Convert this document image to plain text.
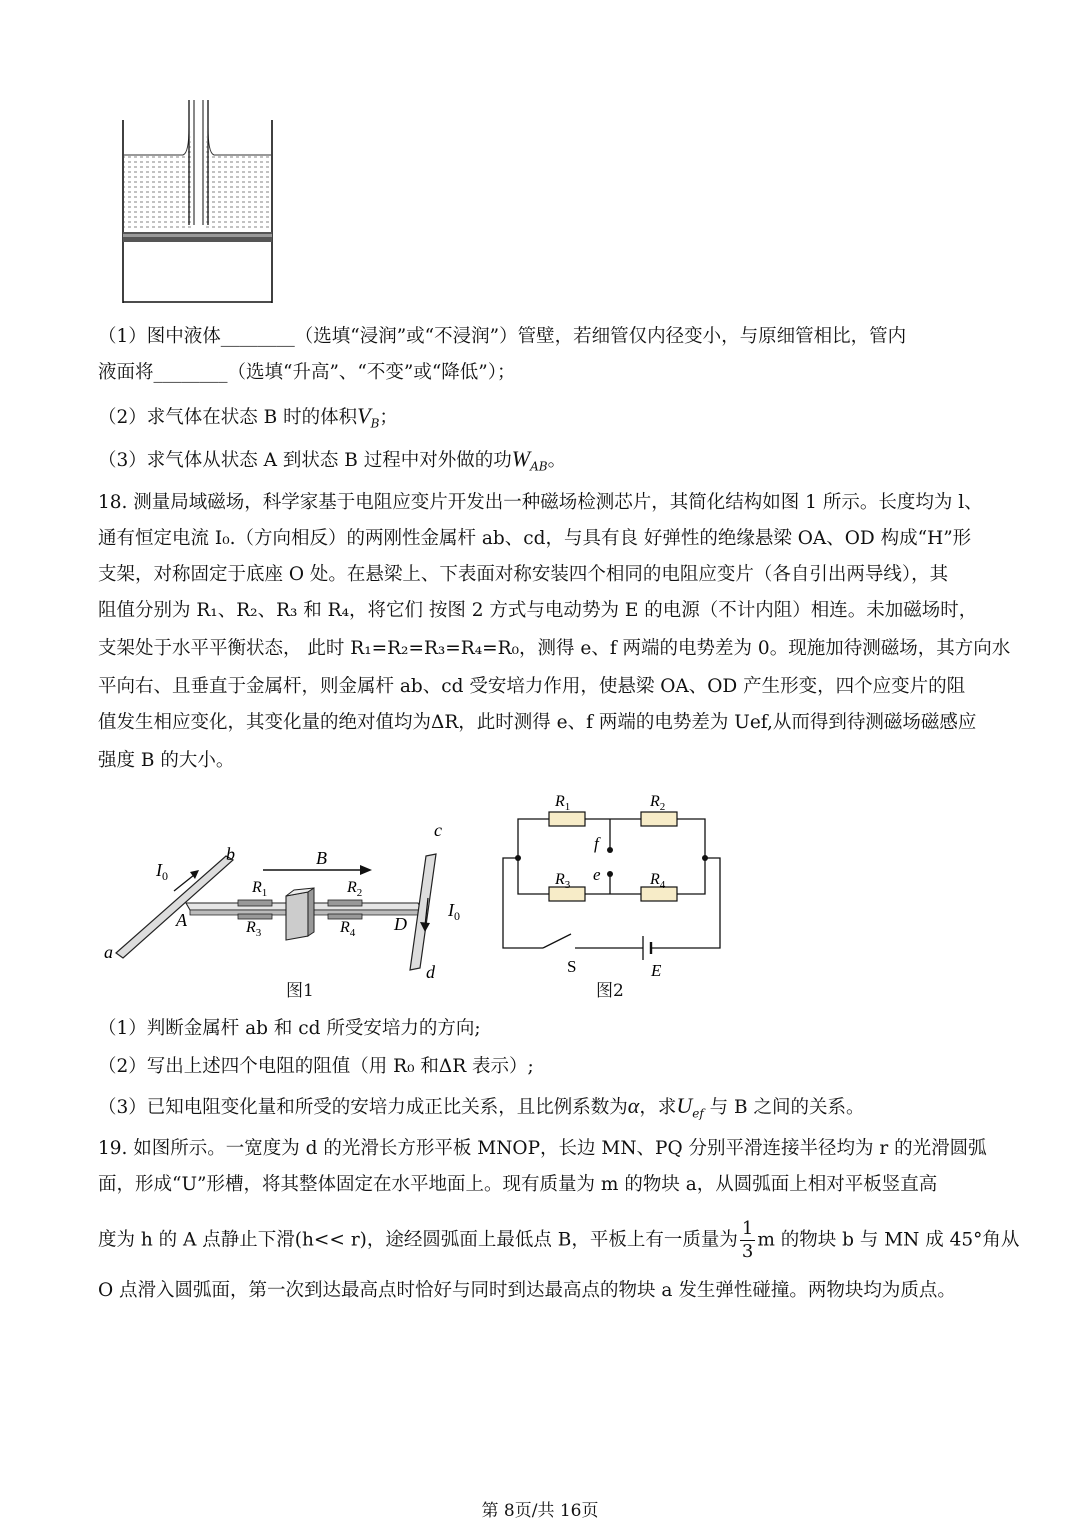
（1）图中液体________（选填“浸润”或“不浸润”）管壁，若细管仅内径变小，与原细管相比，管内
液面将________（选填“升高”、“不变”或“降低”）；
（2）求气体在状态 B 时的体积$V_B$；
（3）求气体从状态 A 到状态 B 过程中对外做的功$W_{AB}$。
18. 测量局域磁场，科学家基于电阻应变片开发出一种磁场检测芯片，其简化结构如图 1 所示。长度均为 l、
通有恒定电流 I₀.（方向相反）的两刚性金属杆 ab、cd，与具有良 好弹性的绝缘悬梁 OA、OD 构成“H”形
支架，对称固定于底座 O 处。在悬梁上、下表面对称安装四个相同的电阻应变片（各自引出两导线），其
阻值分别为 R₁、R₂、R₃ 和 R₄，将它们 按图 2 方式与电动势为 E 的电源（不计内阻）相连。未加磁场时，
支架处于水平平衡状态， 此时 R₁=R₂=R₃=R₄=R₀，测得 e、f 两端的电势差为 0。现施加待测磁场，其方向水
平向右、且垂直于金属杆，则金属杆 ab、cd 受安培力作用，使悬梁 OA、OD 产生形变，四个应变片的阻
值发生相应变化，其变化量的绝对值均为ΔR，此时测得 e、f 两端的电势差为 Uef,从而得到待测磁场磁感应
强度 B 的大小。
a
b
c
d
B
A	D
$I_0$
$I_0$
$R_1$	$R_2$
$R_3$	$R_4$
图1
$R_1$	$R_2$
$R_3$	$R_4$
f
e
S	E
图2
（1）判断金属杆 ab 和 cd 所受安培力的方向;
（2）写出上述四个电阻的阻值（用 R₀ 和ΔR 表示）;
（3）已知电阻变化量和所受的安培力成正比关系，且比例系数为α，求$U_{ef}$ 与 B 之间的关系。
19. 如图所示。一宽度为 d 的光滑长方形平板 MNOP，长边 MN、PQ 分别平滑连接半径均为 r 的光滑圆弧
面，形成“U”形槽，将其整体固定在水平地面上。现有质量为 m 的物块 a，从圆弧面上相对平板竖直高
度为 h 的 A 点静止下滑(h<< r)，途经圆弧面上最低点 B，平板上有一质量为 $\frac{1}{3}$ m 的物块 b 与 MN 成 45°角从
O 点滑入圆弧面，第一次到达最高点时恰好与同时到达最高点的物块 a 发生弹性碰撞。两物块均为质点。
第 8页/共 16页
